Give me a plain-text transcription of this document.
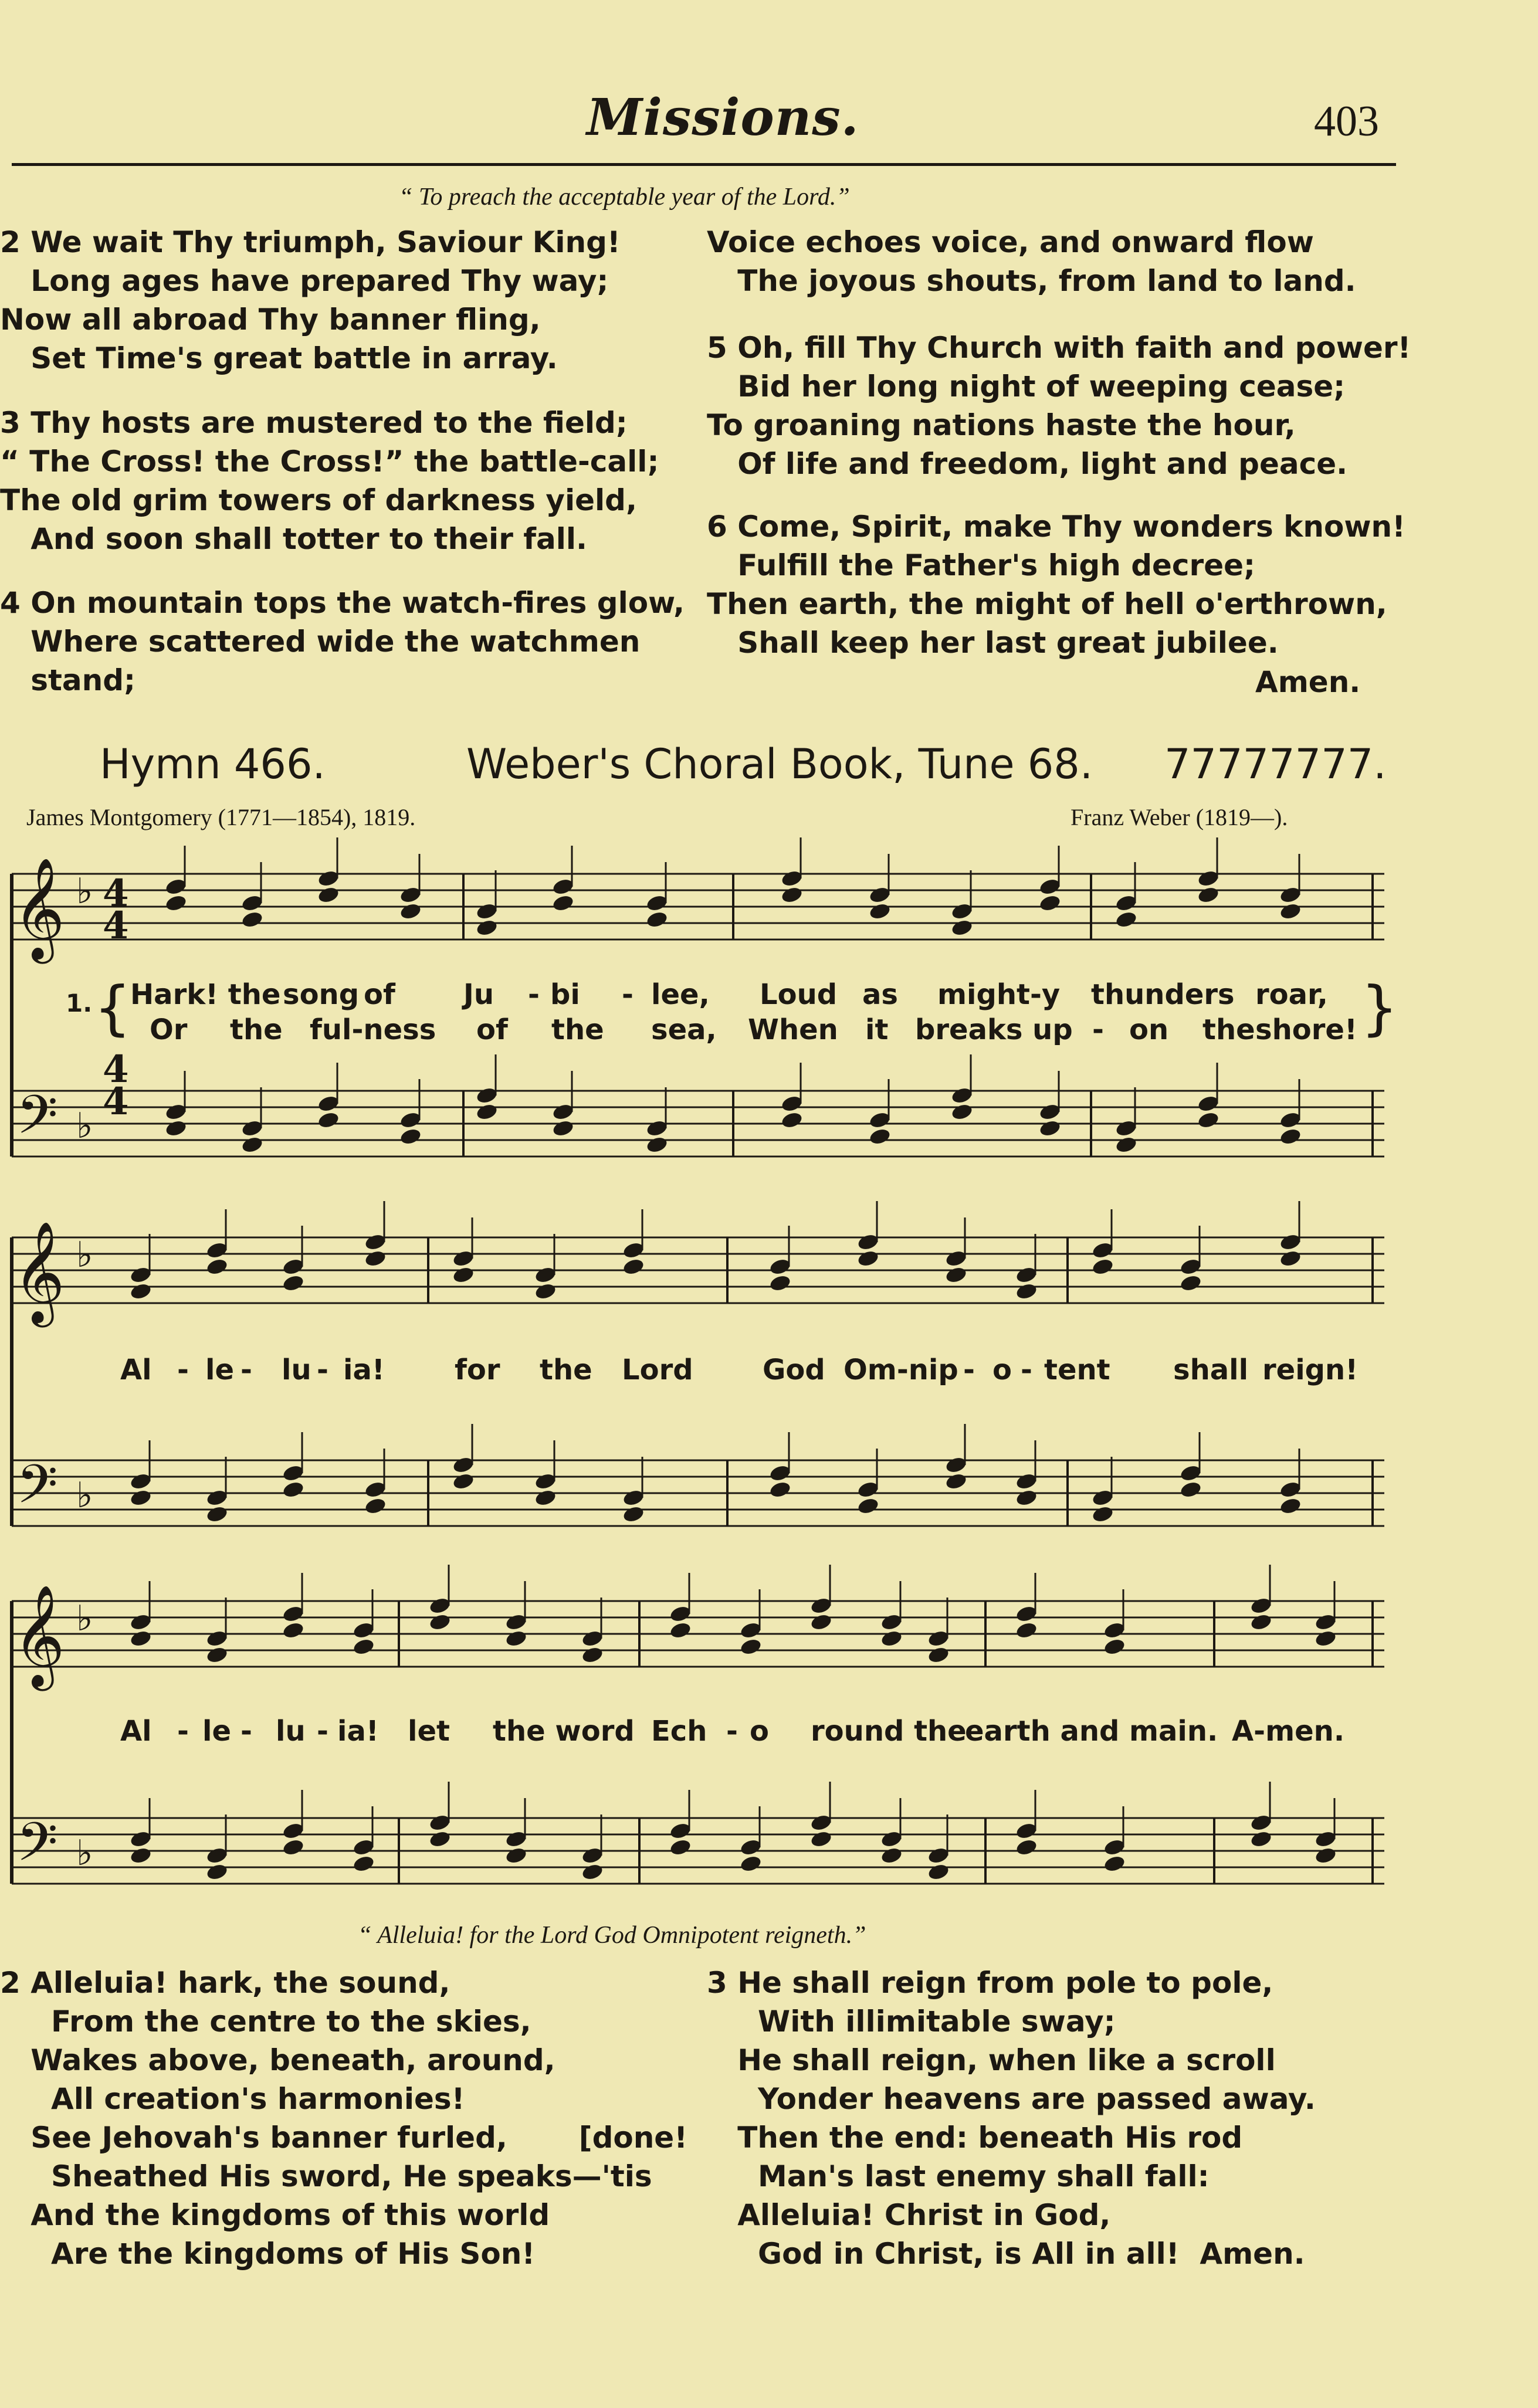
Missions.	403
“ To preach the acceptable year of the Lord.”
2 We wait Thy triumph, Saviour King!
Long ages have prepared Thy way;
Now all abroad Thy banner fling,
Set Time's great battle in array.
3 Thy hosts are mustered to the field;
“ The Cross! the Cross!” the battle-call;
The old grim towers of darkness yield,
And soon shall totter to their fall.
4 On mountain tops the watch-fires glow,
Where scattered wide the watchmen
stand;
Voice echoes voice, and onward flow
The joyous shouts, from land to land.
5 Oh, fill Thy Church with faith and power!
Bid her long night of weeping cease;
To groaning nations haste the hour,
Of life and freedom, light and peace.
6 Come, Spirit, make Thy wonders known!
Fulfill the Father's high decree;
Then earth, the might of hell o'erthrown,
Shall keep her last great jubilee.
Amen.
Hymn 466.	Weber's Choral Book, Tune 68. 77777777.
James Montgomery (1771—1854), 1819.	Franz Weber (1819—).
𝄞
𝄢
♭
♭
𝄞
𝄢
♭
♭
𝄞
𝄢
♭
♭
4
4
4
4
1. {	}
Hark! the song of Ju - bi - lee, Loud as might-y thunders roar,
Or the ful-ness of the sea, When it breaks up - on the shore!
Al - le - lu - ia! for the Lord God Om-nip - o - tent shall reign!
Al - le - lu - ia! let the word Ech - o round the
earth and main. A-men.
“ Alleluia! for the Lord God Omnipotent reigneth.”
2 Alleluia! hark, the sound,
From the centre to the skies,
Wakes above, beneath, around,
All creation's harmonies!
See Jehovah's banner furled,       [done!
Sheathed His sword, He speaks—'tis
And the kingdoms of this world
Are the kingdoms of His Son!
3 He shall reign from pole to pole,
With illimitable sway;
He shall reign, when like a scroll
Yonder heavens are passed away.
Then the end: beneath His rod
Man's last enemy shall fall:
Alleluia! Christ in God,
God in Christ, is All in all!  Amen.
